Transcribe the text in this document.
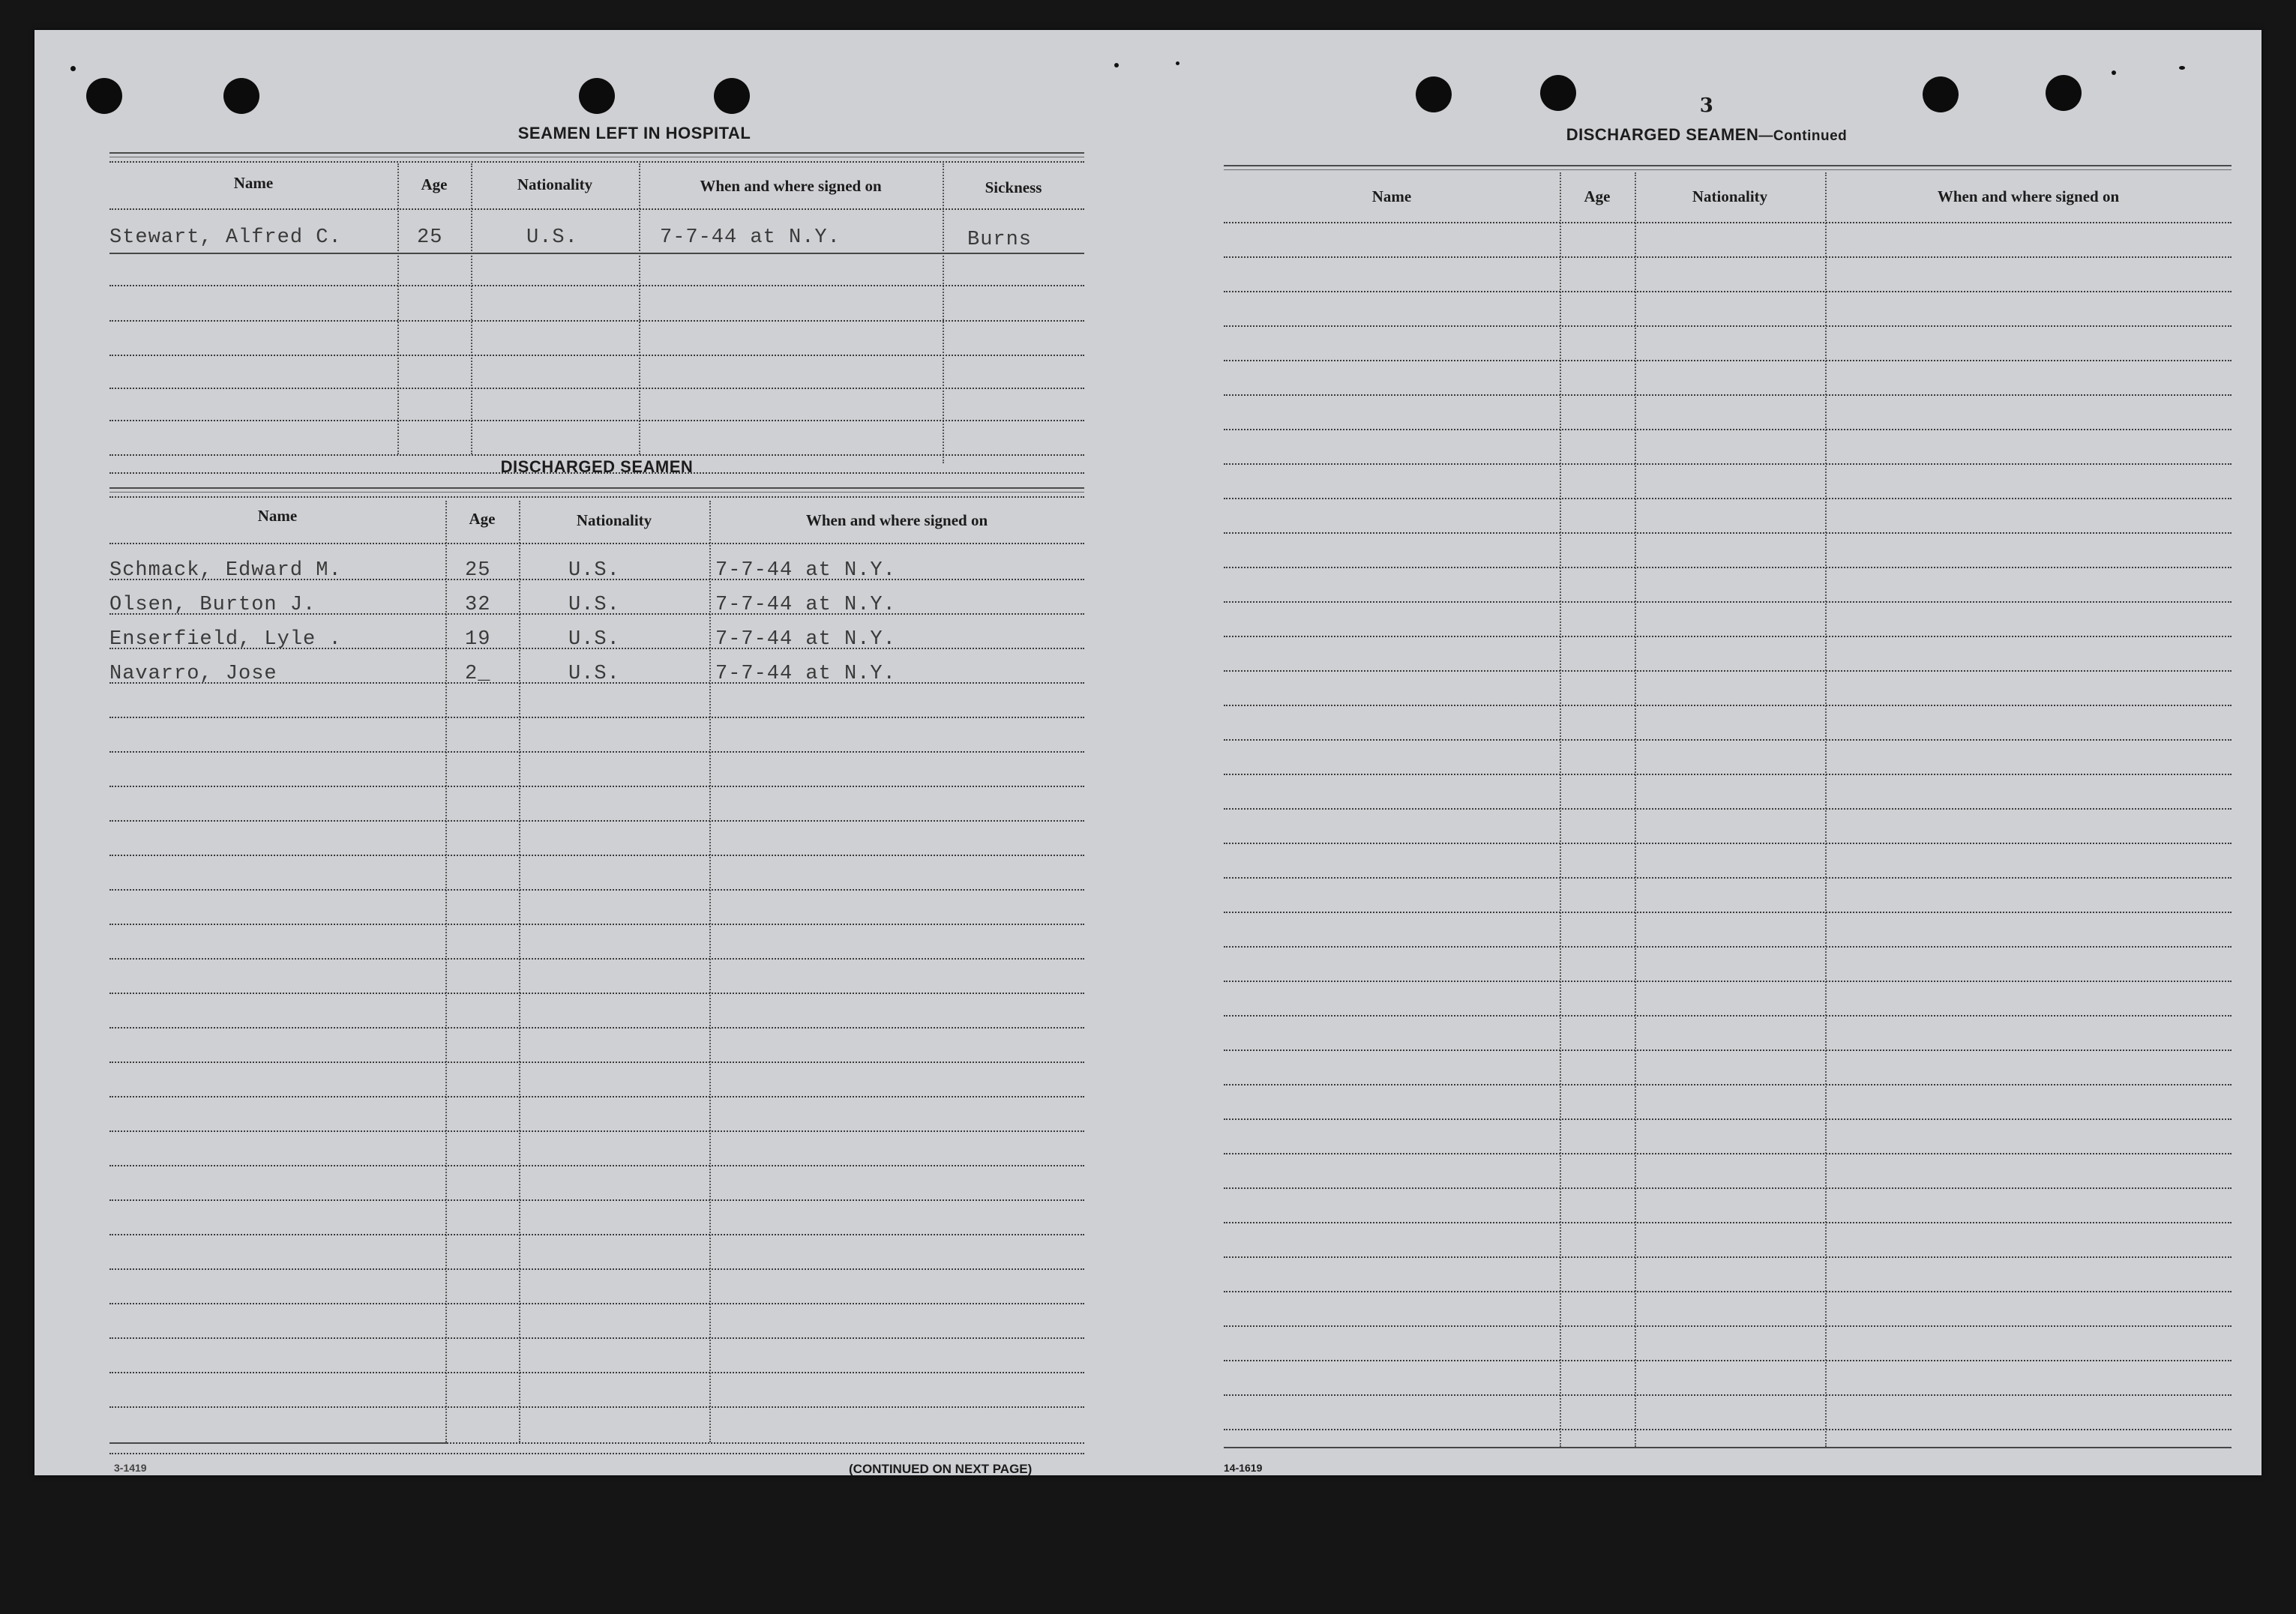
SEAMEN LEFT IN HOSPITAL
Name	Age	Nationality	When and where signed on	Sickness
Stewart, Alfred C.	25	U.S.	7-7-44 at N.Y.	Burns
DISCHARGED SEAMEN
Name	Age	Nationality	When and where signed on
Schmack, Edward M.	25	U.S.	7-7-44 at N.Y.
Olsen, Burton J.	32	U.S.	7-7-44 at N.Y.
Enserfield, Lyle .	19	U.S.	7-7-44 at N.Y.
Navarro, Jose	2_	U.S.	7-7-44 at N.Y.
3-1419	(CONTINUED ON NEXT PAGE)
3
DISCHARGED SEAMEN—Continued
Name	Age	Nationality	When and where signed on
14-1619
